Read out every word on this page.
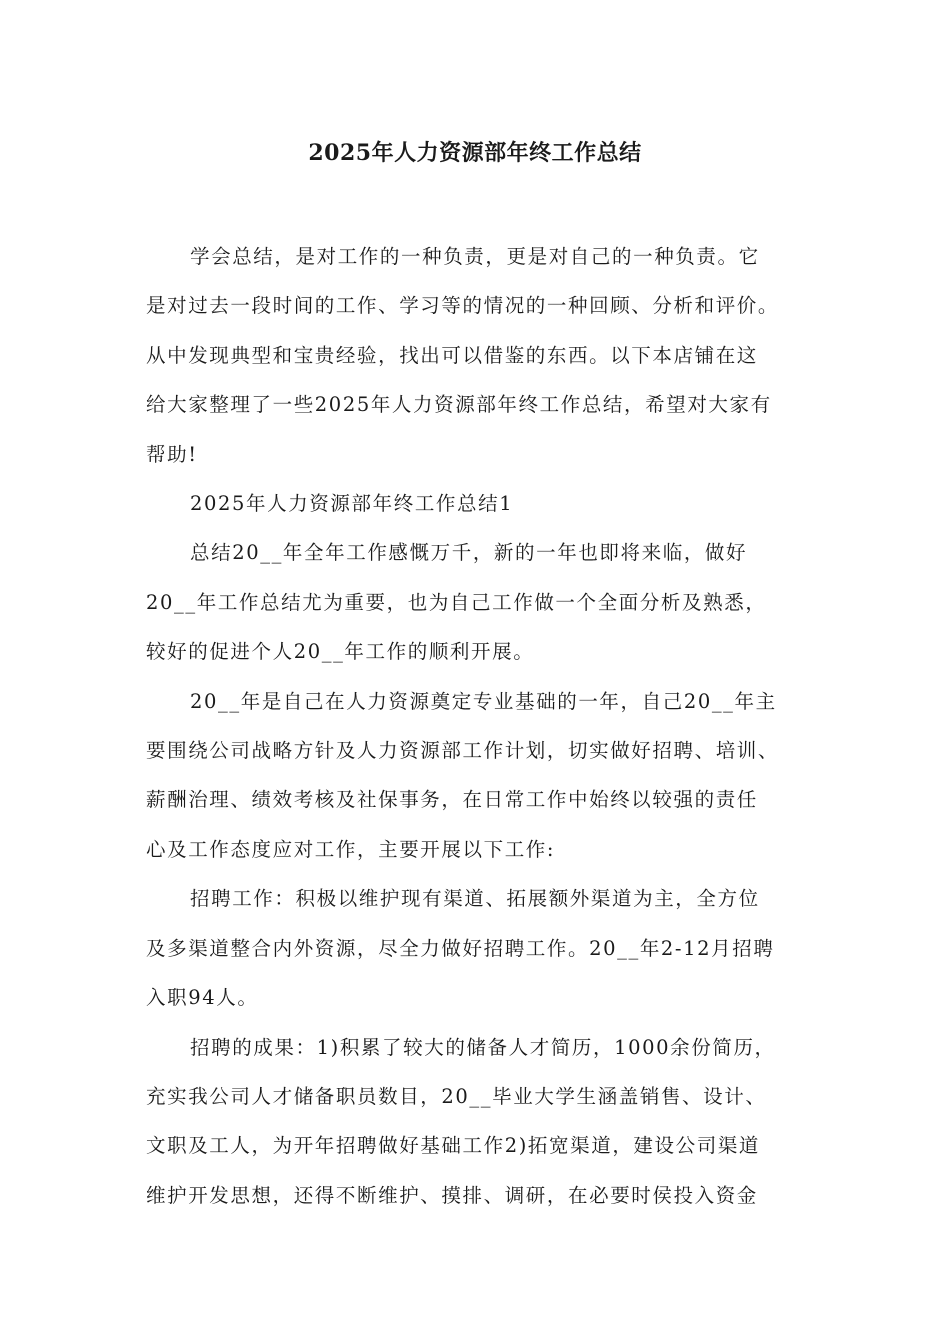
2025年人力资源部年终工作总结
学会总结，是对工作的一种负责，更是对自己的一种负责。它
是对过去一段时间的工作、学习等的情况的一种回顾、分析和评价。
从中发现典型和宝贵经验，找出可以借鉴的东西。以下本店铺在这
给大家整理了一些2025年人力资源部年终工作总结，希望对大家有
帮助!
2025年人力资源部年终工作总结1
总结20__年全年工作感慨万千，新的一年也即将来临，做好
20__年工作总结尤为重要，也为自己工作做一个全面分析及熟悉，
较好的促进个人20__年工作的顺利开展。
20__年是自己在人力资源奠定专业基础的一年，自己20__年主
要围绕公司战略方针及人力资源部工作计划，切实做好招聘、培训、
薪酬治理、绩效考核及社保事务，在日常工作中始终以较强的责任
心及工作态度应对工作，主要开展以下工作:
招聘工作：积极以维护现有渠道、拓展额外渠道为主，全方位
及多渠道整合内外资源，尽全力做好招聘工作。20__年2-12月招聘
入职94人。
招聘的成果：1)积累了较大的储备人才简历，1000余份简历，
充实我公司人才储备职员数目，20__毕业大学生涵盖销售、设计、
文职及工人，为开年招聘做好基础工作2)拓宽渠道，建设公司渠道
维护开发思想，还得不断维护、摸排、调研，在必要时侯投入资金
